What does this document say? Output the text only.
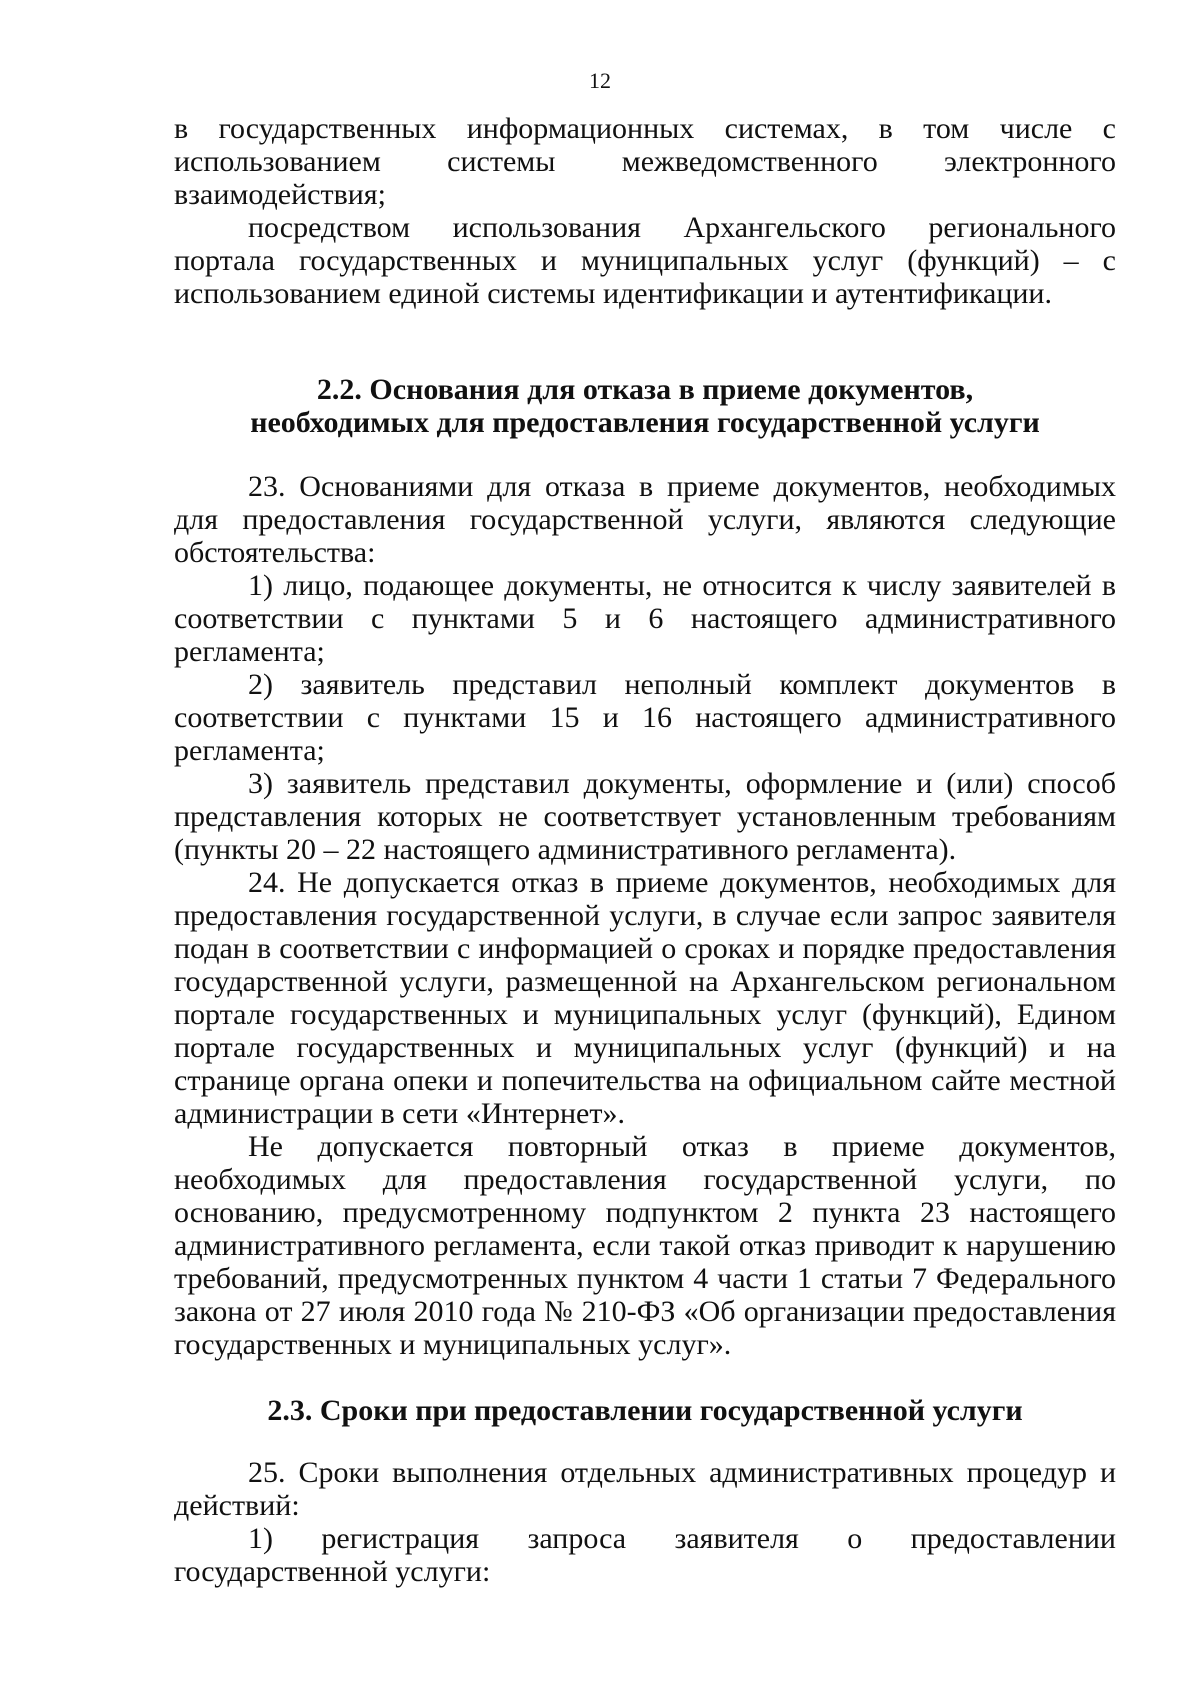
12

в государственных информационных системах, в том числе с использованием системы межведомственного электронного взаимодействия;

посредством использования Архангельского регионального портала государственных и муниципальных услуг (функций) – с использованием единой системы идентификации и аутентификации.

2.2. Основания для отказа в приеме документов,
необходимых для предоставления государственной услуги

23. Основаниями для отказа в приеме документов, необходимых для предоставления государственной услуги, являются следующие обстоятельства:

1) лицо, подающее документы, не относится к числу заявителей в соответствии с пунктами 5 и 6 настоящего административного регламента;

2) заявитель представил неполный комплект документов в соответствии с пунктами 15 и 16 настоящего административного регламента;

3) заявитель представил документы, оформление и (или) способ представления которых не соответствует установленным требованиям (пункты 20 – 22 настоящего административного регламента).

24. Не допускается отказ в приеме документов, необходимых для предоставления государственной услуги, в случае если запрос заявителя подан в соответствии с информацией о сроках и порядке предоставления государственной услуги, размещенной на Архангельском региональном портале государственных и муниципальных услуг (функций), Едином портале государственных и муниципальных услуг (функций) и на странице органа опеки и попечительства на официальном сайте местной администрации в сети «Интернет».

Не допускается повторный отказ в приеме документов, необходимых для предоставления государственной услуги, по основанию, предусмотренному подпунктом 2 пункта 23 настоящего административного регламента, если такой отказ приводит к нарушению требований, предусмотренных пунктом 4 части 1 статьи 7 Федерального закона от 27 июля 2010 года № 210-ФЗ «Об организации предоставления государственных и муниципальных услуг».

2.3. Сроки при предоставлении государственной услуги

25. Сроки выполнения отдельных административных процедур и действий:

1) регистрация запроса заявителя о предоставлении государственной услуги:
